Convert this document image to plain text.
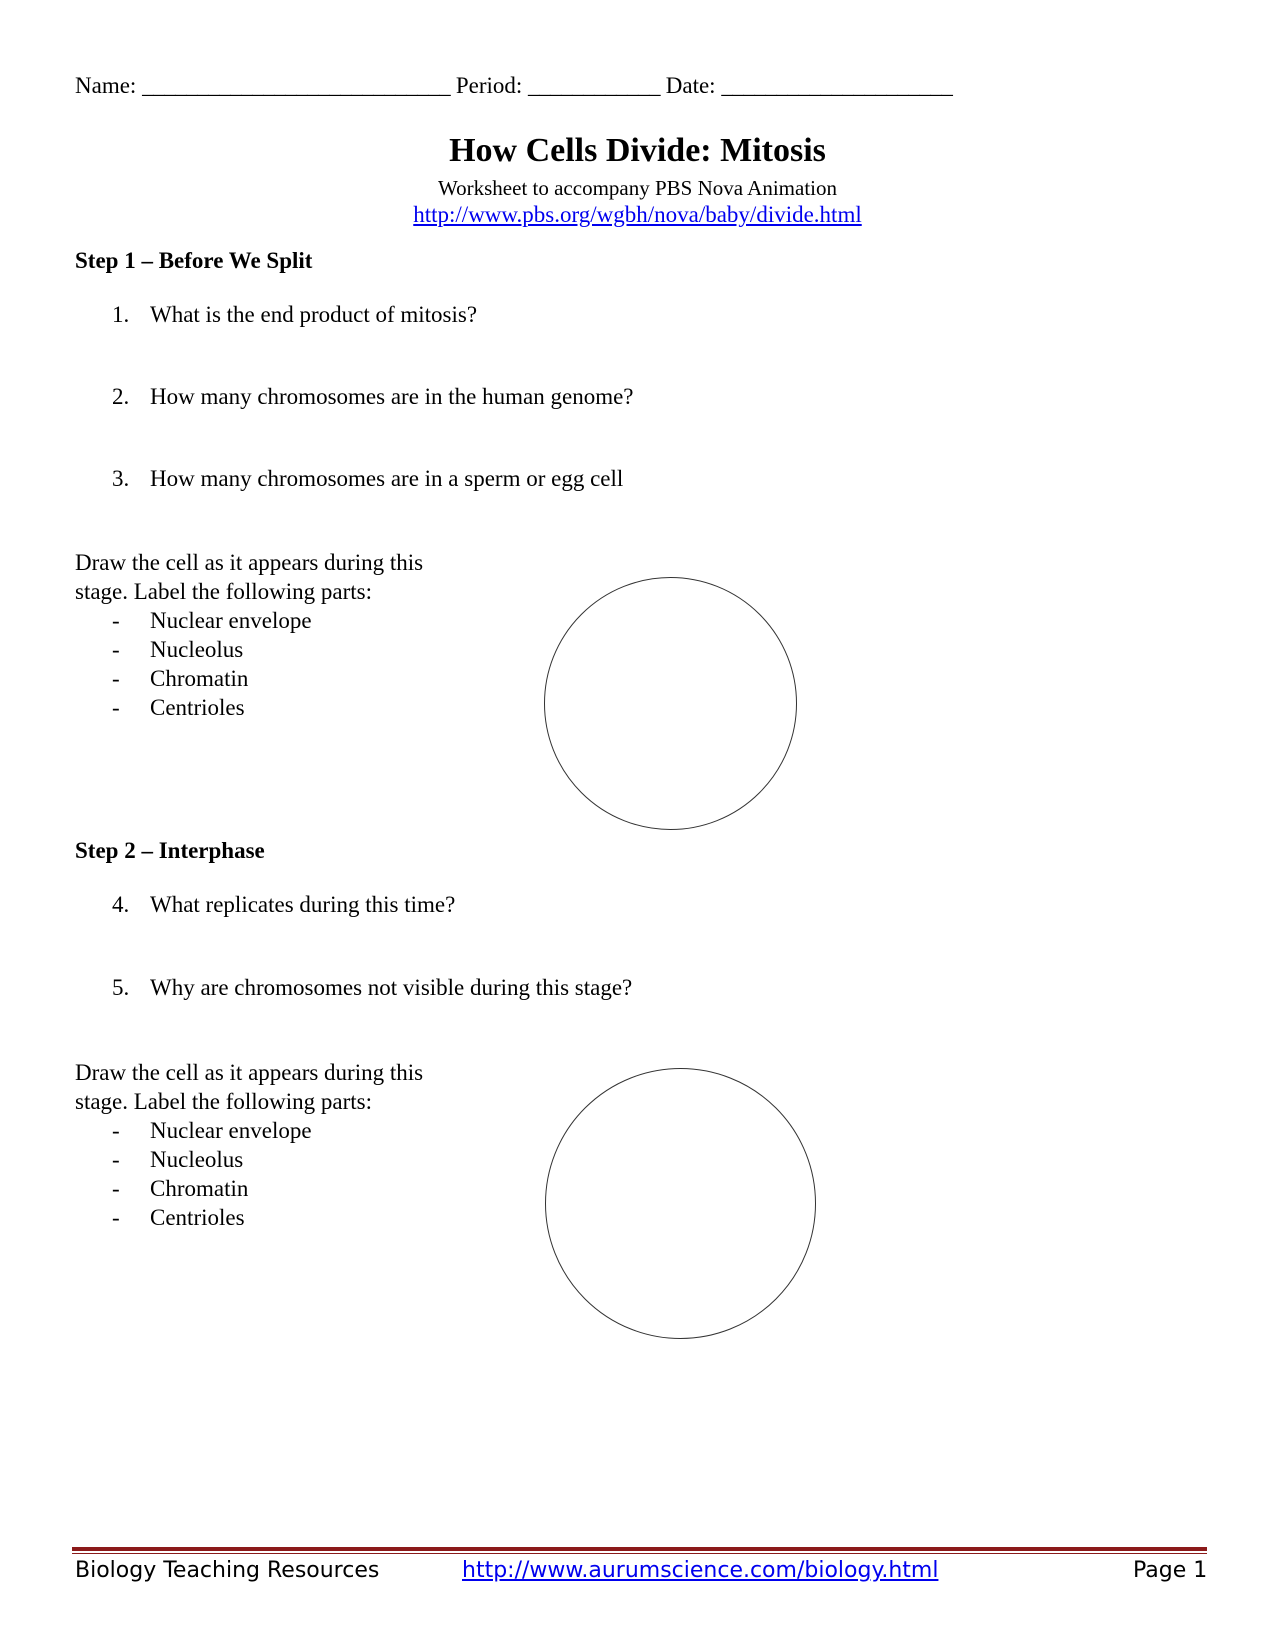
Name: ____________________________ Period: ____________ Date: _____________________
How Cells Divide: Mitosis
Worksheet to accompany PBS Nova Animation
http://www.pbs.org/wgbh/nova/baby/divide.html
Step 1 – Before We Split
1. What is the end product of mitosis?
2. How many chromosomes are in the human genome?
3. How many chromosomes are in a sperm or egg cell
Draw the cell as it appears during this
stage. Label the following parts:
- Nuclear envelope
- Nucleolus
- Chromatin
- Centrioles
Step 2 – Interphase
4. What replicates during this time?
5. Why are chromosomes not visible during this stage?
Draw the cell as it appears during this
stage. Label the following parts:
- Nuclear envelope
- Nucleolus
- Chromatin
- Centrioles
Biology Teaching Resources	http://www.aurumscience.com/biology.html	Page 1
